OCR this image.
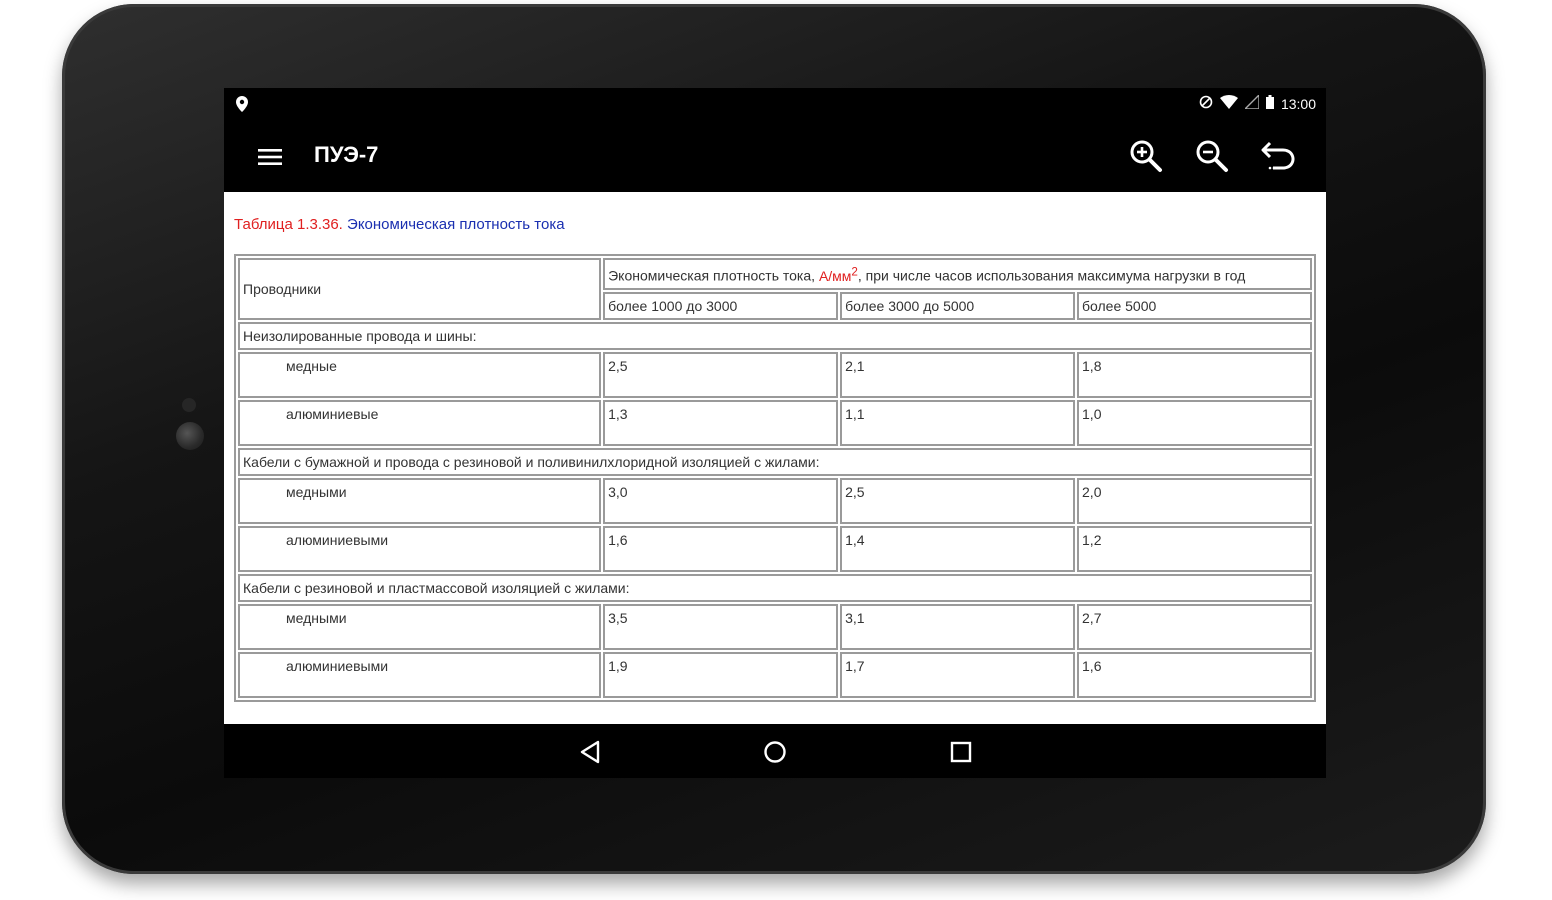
13:00
ПУЭ-7
Таблица 1.3.36. Экономическая плотность тока
Проводники	Экономическая плотность тока, $А/мм^2$, при числе часов использования максимума нагрузки в год		
	более 1000 до 3000	более 3000 до 5000	более 5000
Неизолированные провода и шины:			
медные	2,5	2,1	1,8
алюминиевые	1,3	1,1	1,0
Кабели с бумажной и провода с резиновой и поливинилхлоридной изоляцией с жилами:			
медными	3,0	2,5	2,0
алюминиевыми	1,6	1,4	1,2
Кабели с резиновой и пластмассовой изоляцией с жилами:			
медными	3,5	3,1	2,7
алюминиевыми	1,9	1,7	1,6
